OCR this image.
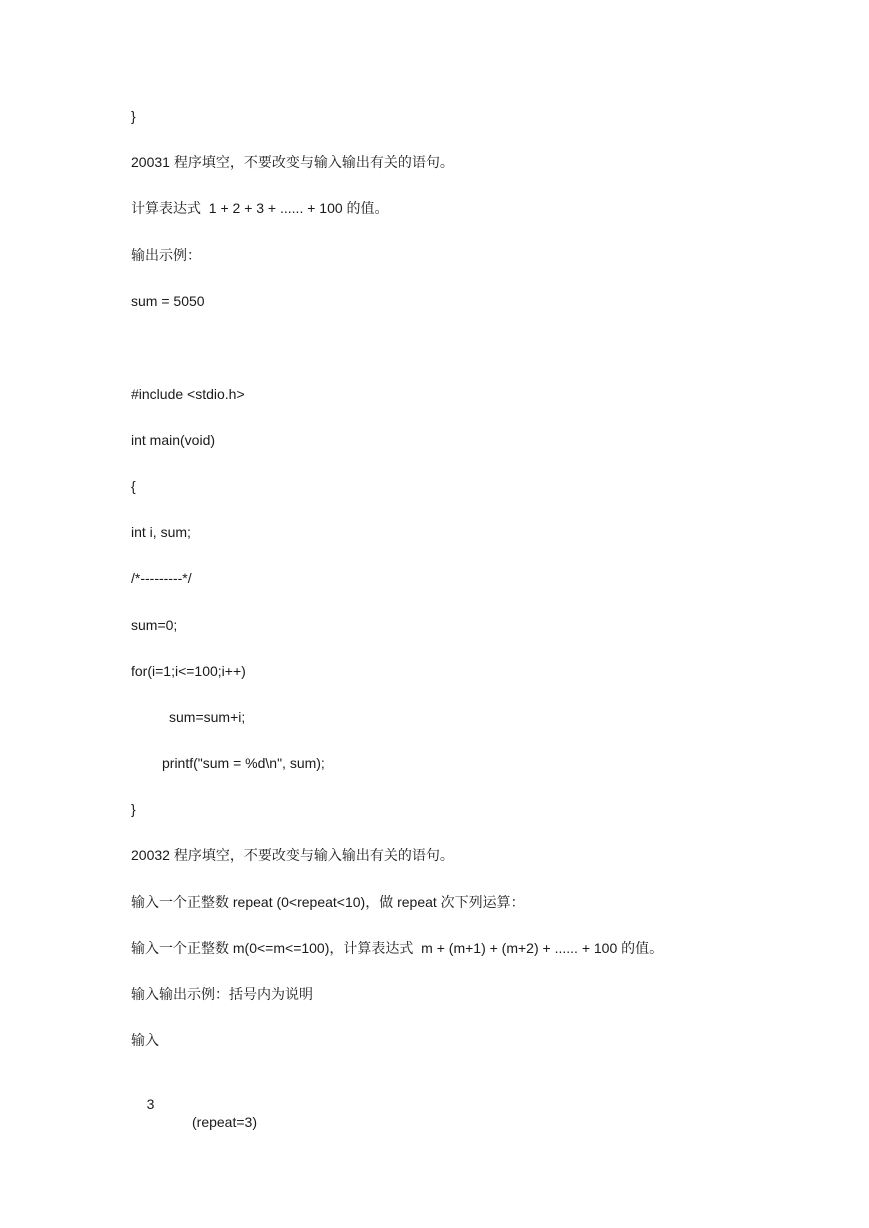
}
20031 程序填空，不要改变与输入输出有关的语句。
计算表达式  1 + 2 + 3 + ...... + 100 的值。
输出示例：
sum = 5050
#include <stdio.h>
int main(void)
{
int i, sum;
/*---------*/
sum=0;
for(i=1;i<=100;i++)
sum=sum+i;
printf("sum = %d\n", sum);
}
20032 程序填空，不要改变与输入输出有关的语句。
输入一个正整数 repeat (0<repeat<10)，做 repeat 次下列运算：
输入一个正整数 m(0<=m<=100)，计算表达式  m + (m+1) + (m+2) + ...... + 100 的值。
输入输出示例：括号内为说明
输入

3

(repeat=3)
